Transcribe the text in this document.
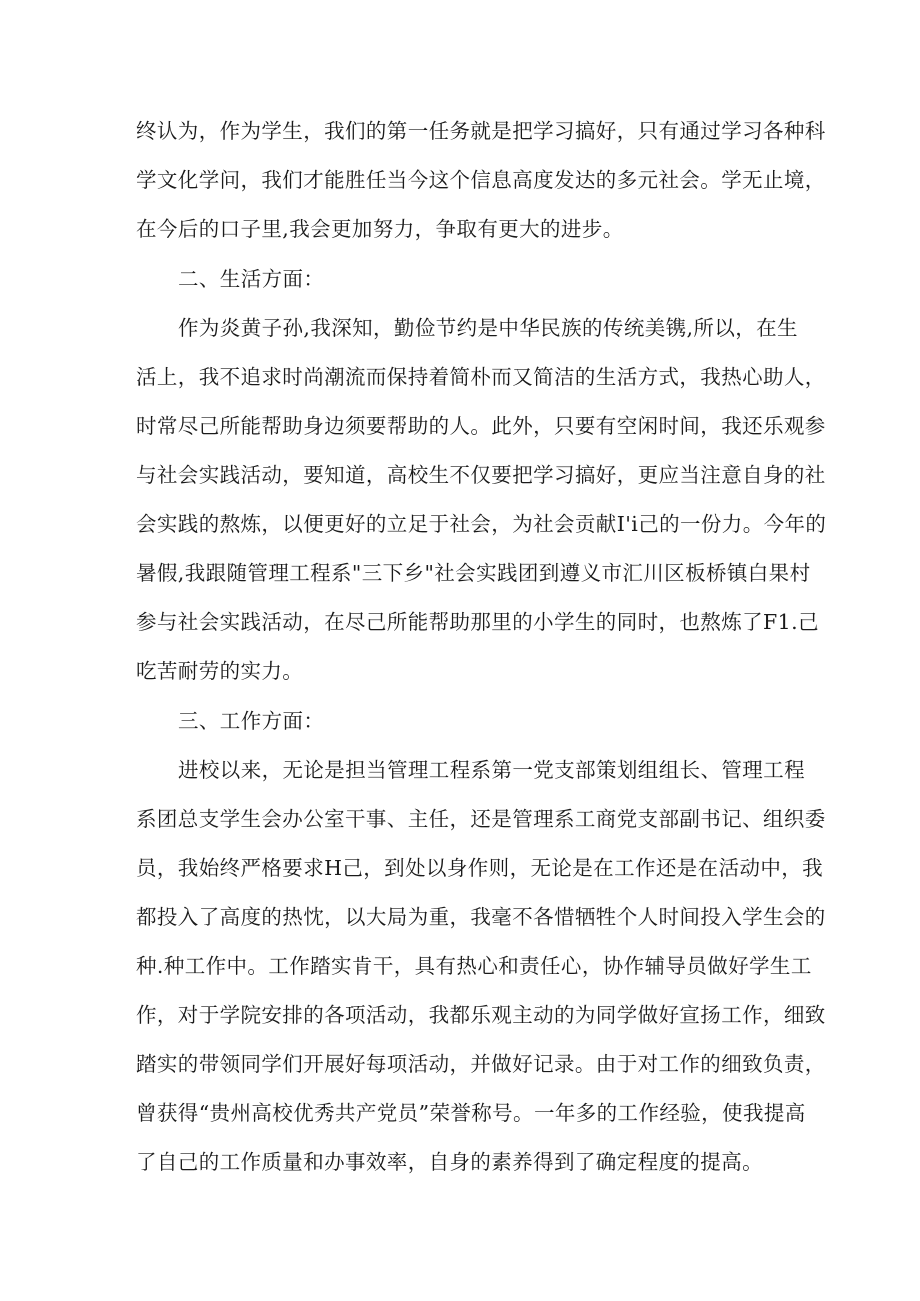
终认为，作为学生，我们的第一任务就是把学习搞好，只有通过学习各种科
学文化学问，我们才能胜任当今这个信息高度发达的多元社会。学无止境，
在今后的口子里,我会更加努力，争取有更大的进步。
二、生活方面：
作为炎黄子孙,我深知，勤俭节约是中华民族的传统美镌,所以，在生
活上，我不追求时尚潮流而保持着简朴而又简洁的生活方式，我热心助人，
时常尽己所能帮助身边须要帮助的人。此外，只要有空闲时间，我还乐观参
与社会实践活动，要知道，高校生不仅要把学习搞好，更应当注意自身的社
会实践的熬炼，以便更好的立足于社会，为社会贡献I'i己的一份力。今年的
暑假,我跟随管理工程系"三下乡"社会实践团到遵义市汇川区板桥镇白果村
参与社会实践活动，在尽己所能帮助那里的小学生的同时，也熬炼了F1.己
吃苦耐劳的实力。
三、工作方面：
进校以来，无论是担当管理工程系第一党支部策划组组长、管理工程
系团总支学生会办公室干事、主任，还是管理系工商党支部副书记、组织委
员，我始终严格要求H己，到处以身作则，无论是在工作还是在活动中，我
都投入了高度的热忱，以大局为重，我毫不各惜牺牲个人时间投入学生会的
种.种工作中。工作踏实肯干，具有热心和责任心，协作辅导员做好学生工
作，对于学院安排的各项活动，我都乐观主动的为同学做好宣扬工作，细致
踏实的带领同学们开展好每项活动，并做好记录。由于对工作的细致负责，
曾获得“贵州高校优秀共产党员”荣誉称号。一年多的工作经验，使我提高
了自己的工作质量和办事效率，自身的素养得到了确定程度的提高。
